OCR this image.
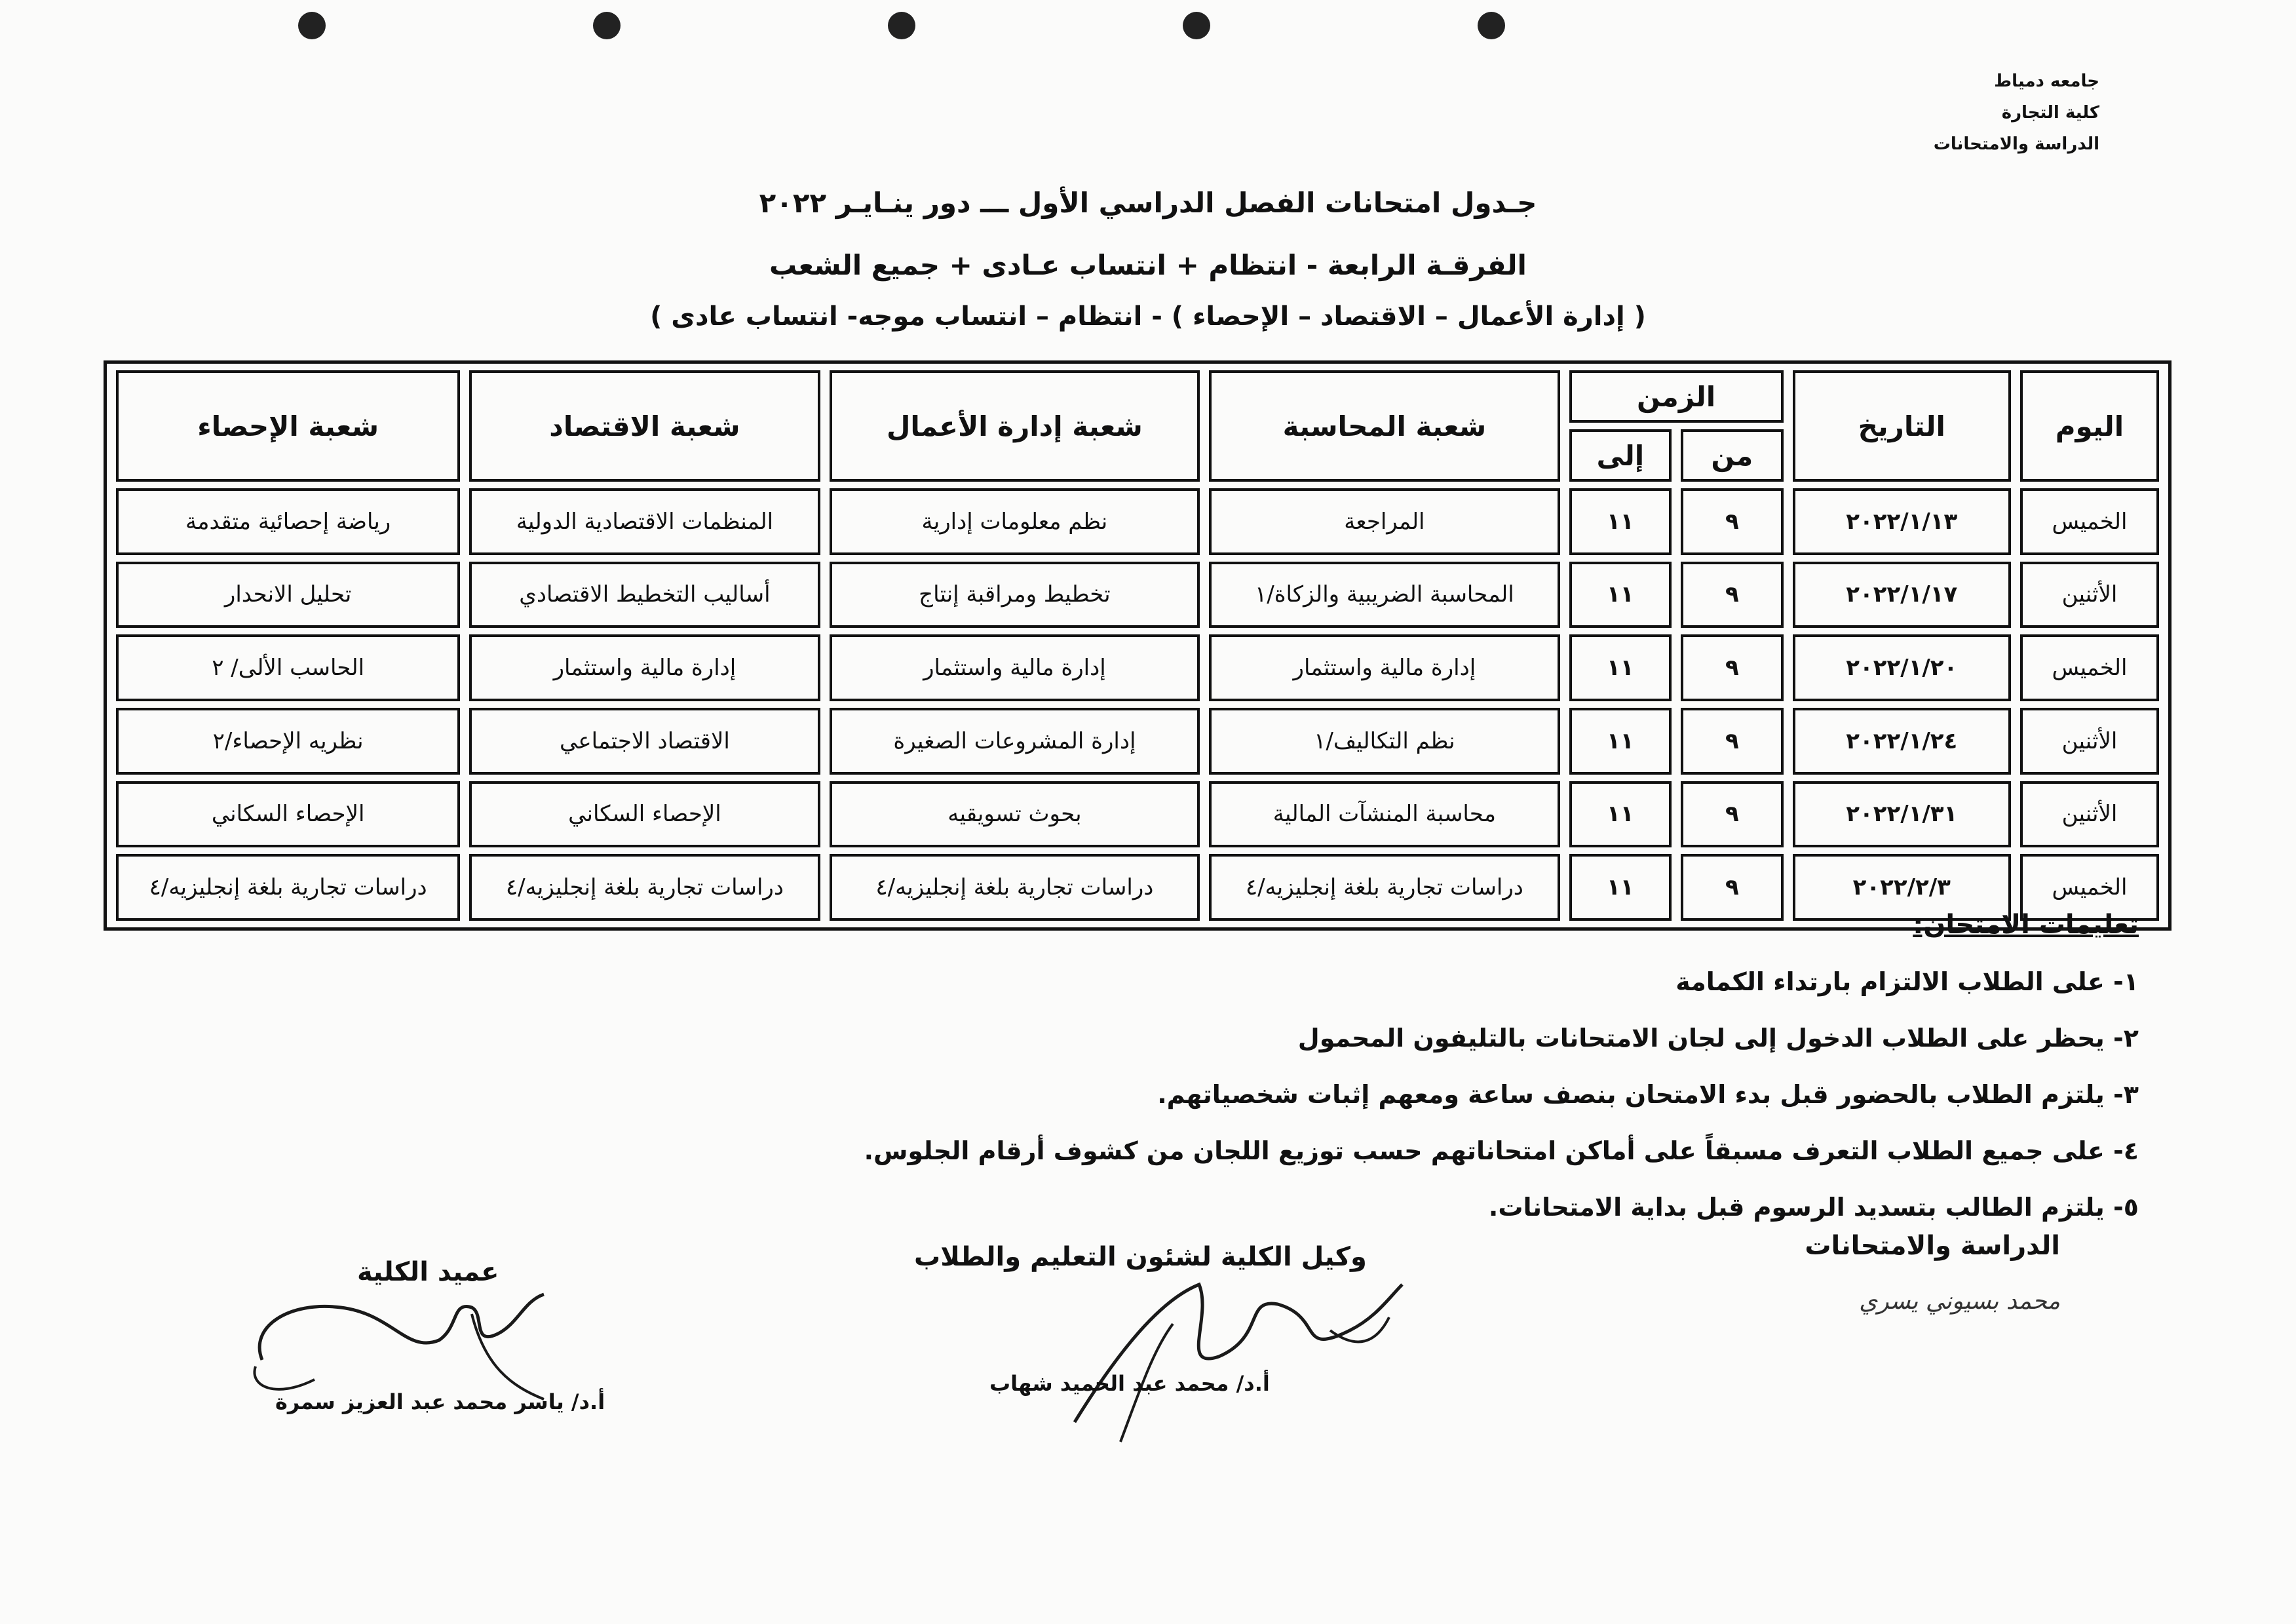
جامعه دمياط
كلية التجارة
الدراسة والامتحانات
جـدول امتحانات الفصل الدراسي الأول ـــ دور ينـايـر ٢٠٢٢
الفرقـة الرابعة - انتظام + انتساب عـادى + جميع الشعب
( إدارة الأعمال – الاقتصاد – الإحصاء ) - انتظام – انتساب موجه- انتساب عادى )
اليوم	التاريخ	الزمن		شعبة المحاسبة	شعبة إدارة الأعمال	شعبة الاقتصاد	شعبة الإحصاء
		من	إلى				
الخميس	٢٠٢٢/١/١٣	٩	١١	المراجعة	نظم معلومات إدارية	المنظمات الاقتصادية الدولية	رياضة إحصائية متقدمة
الأثنين	٢٠٢٢/١/١٧	٩	١١	المحاسبة الضريبية والزكاة/١	تخطيط ومراقبة إنتاج	أساليب التخطيط الاقتصادي	تحليل الانحدار
الخميس	٢٠٢٢/١/٢٠	٩	١١	إدارة مالية واستثمار	إدارة مالية واستثمار	إدارة مالية واستثمار	الحاسب الألى/ ٢
الأثنين	٢٠٢٢/١/٢٤	٩	١١	نظم التكاليف/١	إدارة المشروعات الصغيرة	الاقتصاد الاجتماعي	نظريه الإحصاء/٢
الأثنين	٢٠٢٢/١/٣١	٩	١١	محاسبة المنشآت المالية	بحوث تسويقيه	الإحصاء السكاني	الإحصاء السكاني
الخميس	٢٠٢٢/٢/٣	٩	١١	دراسات تجارية بلغة إنجليزيه/٤	دراسات تجارية بلغة إنجليزيه/٤	دراسات تجارية بلغة إنجليزيه/٤	دراسات تجارية بلغة إنجليزيه/٤
تعليمات الامتحان:
١- على الطلاب الالتزام بارتداء الكمامة
٢- يحظر على الطلاب الدخول إلى لجان الامتحانات بالتليفون المحمول
٣- يلتزم الطلاب بالحضور قبل بدء الامتحان بنصف ساعة ومعهم إثبات شخصياتهم.
٤- على جميع الطلاب التعرف مسبقاً على أماكن امتحاناتهم حسب توزيع اللجان من كشوف أرقام الجلوس.
٥- يلتزم الطالب بتسديد الرسوم قبل بداية الامتحانات.
الدراسة والامتحانات
محمد بسيوني يسري
وكيل الكلية لشئون التعليم والطلاب
أ.د/ محمد عبد الحميد شهاب
عميد الكلية
أ.د/ ياسر محمد عبد العزيز سمرة
